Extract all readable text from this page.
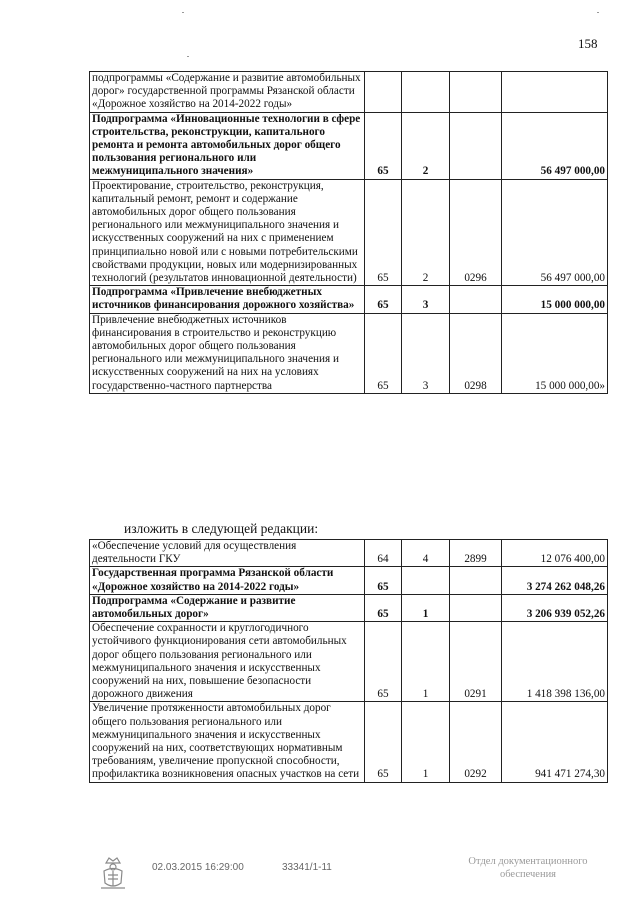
158
подпрограммы «Содержание и развитие автомобильных дорог» государственной программы Рязанской области «Дорожное хозяйство на 2014-2022 годы»				
Подпрограмма «Инновационные технологии в сфере строительства, реконструкции, капитального ремонта и ремонта автомобильных дорог общего пользования регионального или межмуниципального значения»	65	2		56 497 000,00
Проектирование, строительство, реконструкция, капитальный ремонт, ремонт и содержание автомобильных дорог общего пользования регионального или межмуниципального значения и искусственных сооружений на них с применением принципиально новой или с новыми потребительскими свойствами продукции, новых или модернизированных технологий (результатов инновационной деятельности)	65	2	0296	56 497 000,00
Подпрограмма «Привлечение внебюджетных источников финансирования дорожного хозяйства»	65	3		15 000 000,00
Привлечение внебюджетных источников финансирования в строительство и реконструкцию автомобильных дорог общего пользования регионального или межмуниципального значения и искусственных сооружений на них на условиях государственно-частного партнерства	65	3	0298	15 000 000,00»
изложить в следующей редакции:
«Обеспечение условий для осуществления деятельности ГКУ	64	4	2899	12 076 400,00
Государственная программа Рязанской области «Дорожное хозяйство на 2014-2022 годы»	65			3 274 262 048,26
Подпрограмма «Содержание и развитие автомобильных дорог»	65	1		3 206 939 052,26
Обеспечение сохранности и круглогодичного устойчивого функционирования сети автомобильных дорог общего пользования регионального или межмуниципального значения и искусственных сооружений на них, повышение безопасности дорожного движения	65	1	0291	1 418 398 136,00
Увеличение протяженности автомобильных дорог общего пользования регионального или межмуниципального значения и искусственных сооружений на них, соответствующих нормативным требованиям, увеличение пропускной способности, профилактика возникновения опасных участков на сети	65	1	0292	941 471 274,30
02.03.2015 16:29:00	33341/1-11
Отдел документационного
обеспечения
